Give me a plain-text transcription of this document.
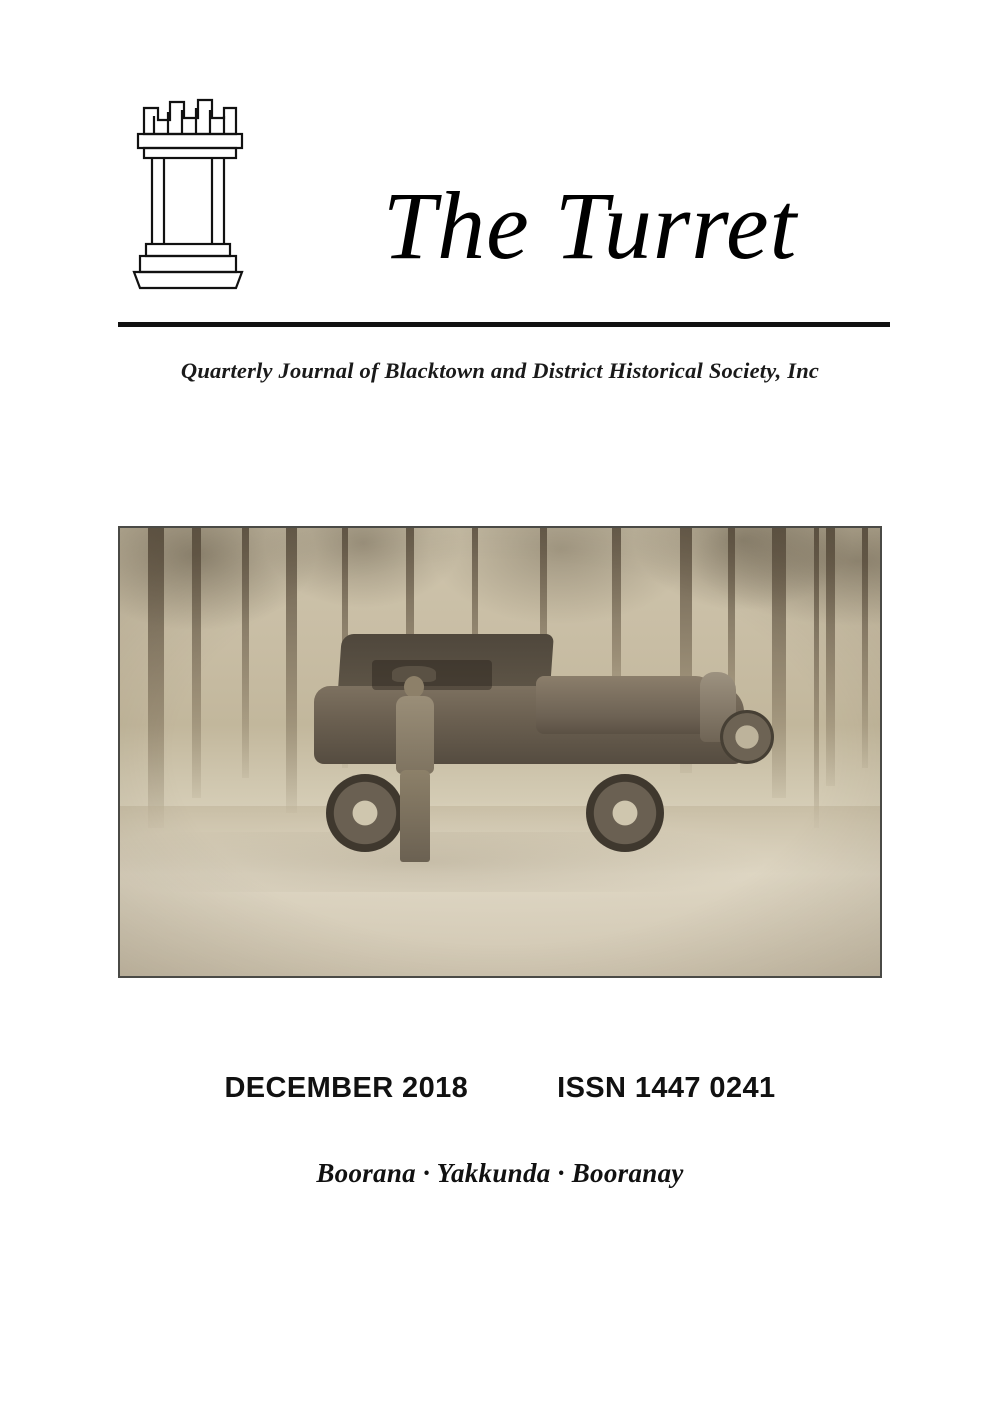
The Turret
Quarterly Journal of Blacktown and District Historical Society, Inc
DECEMBER 2018	ISSN 1447 0241
Boorana · Yakkunda · Booranay
